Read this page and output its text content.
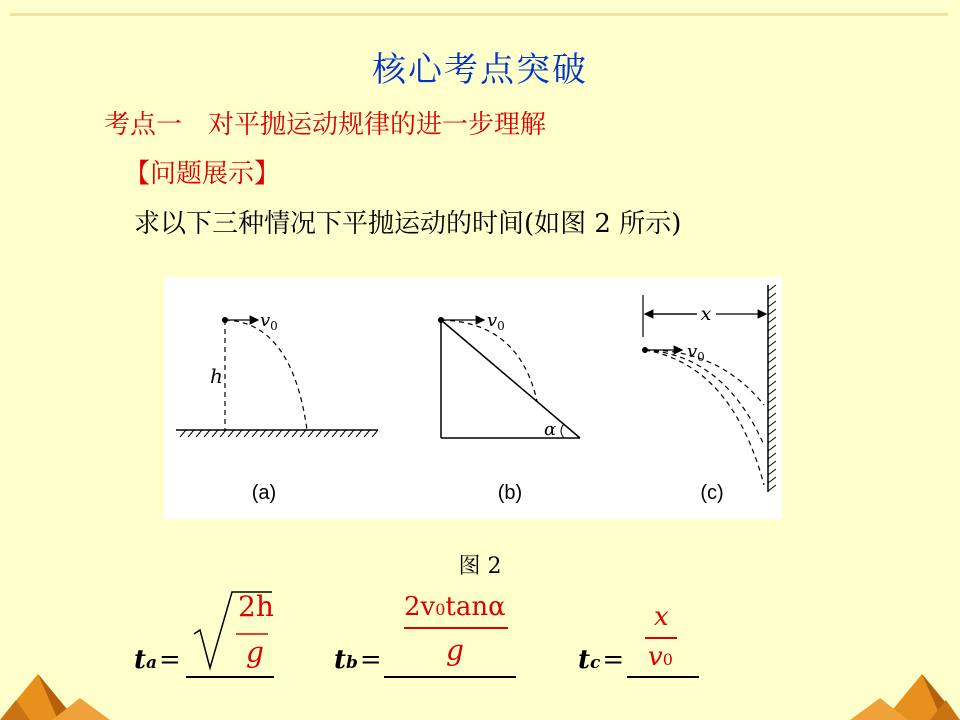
核心考点突破
考点一　对平抛运动规律的进一步理解
【问题展示】
求以下三种情况下平抛运动的时间(如图 2 所示)
$v_0$
h
(a)
$v_0$
α
(b)
x
$v_0$
(c)
图 2
ta=
2h
g	tb=
2v0tanα
g	tc=
x
v0
